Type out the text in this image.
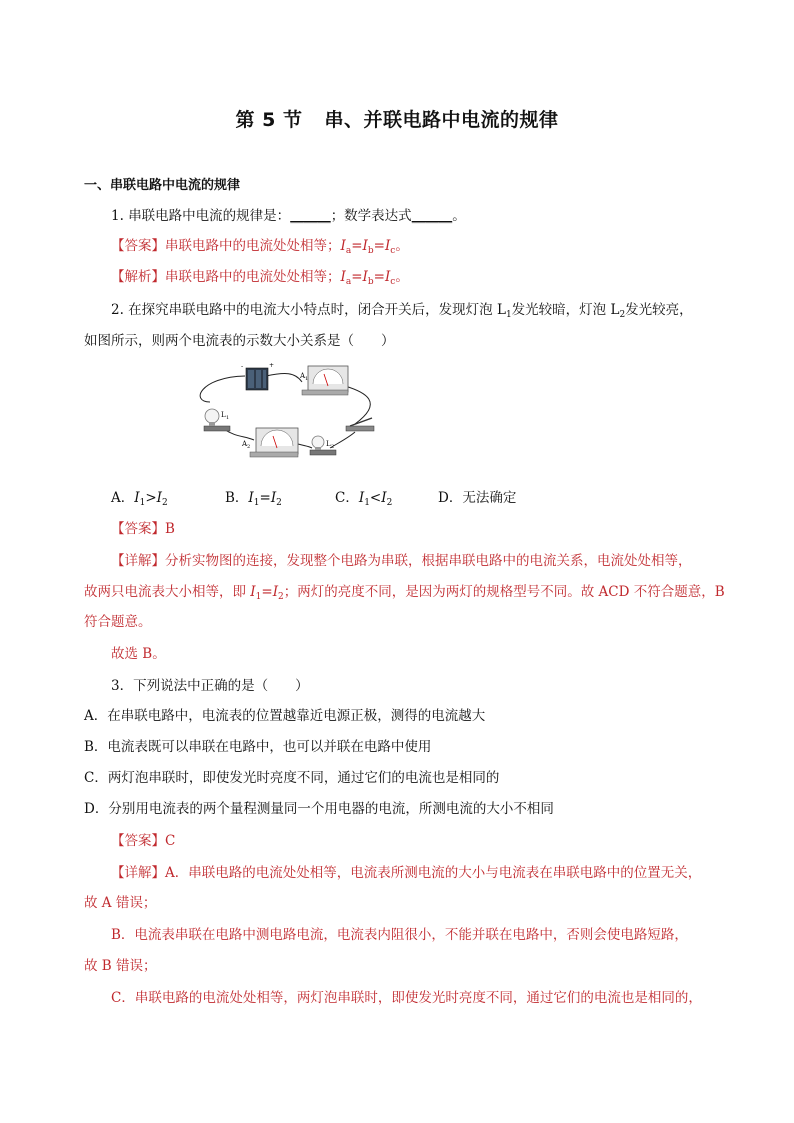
第 5 节 串、并联电路中电流的规律
一、串联电路中电流的规律
1. 串联电路中电流的规律是：______；数学表达式______。
【答案】串联电路中的电流处处相等；$I_a=I_b=I_c$。
【解析】串联电路中的电流处处相等；$I_a=I_b=I_c$。
2. 在探究串联电路中的电流大小特点时，闭合开关后，发现灯泡 $L_1$发光较暗，灯泡 $L_2$发光较亮，
如图所示，则两个电流表的示数大小关系是（　　）
-	+
A 1
L 1
A 2	L 2
A．$I_1>I_2$	B．$I_1=I_2$	C．$I_1<I_2$	D．无法确定
【答案】B
【详解】分析实物图的连接，发现整个电路为串联，根据串联电路中的电流关系，电流处处相等，
故两只电流表大小相等，即 $I_1=I_2$；两灯的亮度不同，是因为两灯的规格型号不同。故 ACD 不符合题意，B
符合题意。
故选 B。
3．下列说法中正确的是（　　）
A．在串联电路中，电流表的位置越靠近电源正极，测得的电流越大
B．电流表既可以串联在电路中，也可以并联在电路中使用
C．两灯泡串联时，即使发光时亮度不同，通过它们的电流也是相同的
D．分别用电流表的两个量程测量同一个用电器的电流，所测电流的大小不相同
【答案】C
【详解】A．串联电路的电流处处相等，电流表所测电流的大小与电流表在串联电路中的位置无关，
故 A 错误；
B．电流表串联在电路中测电路电流，电流表内阻很小，不能并联在电路中，否则会使电路短路，
故 B 错误；
C．串联电路的电流处处相等，两灯泡串联时，即使发光时亮度不同，通过它们的电流也是相同的，
